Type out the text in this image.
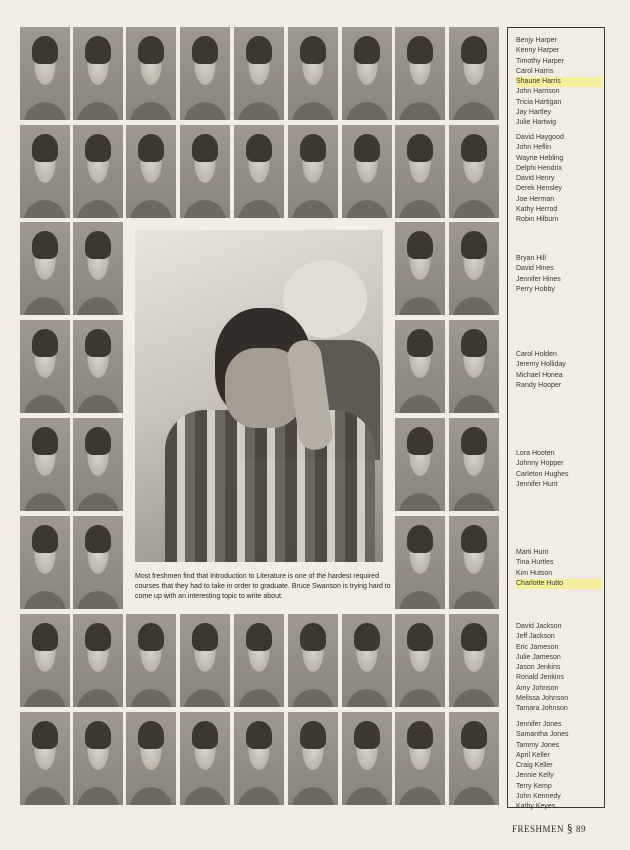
Most freshmen find that Introduction to Literature is one of the hardest required courses that they had to take in order to graduate. Bruce Swanson is trying hard to come up with an interesting topic to write about.

Benjy Harper
Kenny Harper
Timothy Harper
Carol Harris
Shaune Harris
John Harrison
Tricia Hartigan
Jay Hartley
Julie Hartwig
David Haygood
John Heflin
Wayne Hebling
Delphi Hendrix
David Henry
Derek Hensley
Joe Herman
Kathy Herrod
Robin Hilburn
Bryan Hill
David Hines
Jennifer Hines
Perry Hobby
Carol Holden
Jeremy Holliday
Michael Honea
Randy Hooper
Lora Hooten
Johnny Hopper
Carleton Hughes
Jennifer Hunt
Marti Hunt
Tina Hurtles
Kim Hutson
Charlotte Hutto
David Jackson
Jeff Jackson
Eric Jameson
Julie Jameson
Jason Jenkins
Ronald Jenkins
Amy Johnson
Melissa Johnson
Tamara Johnson
Jennifer Jones
Samantha Jones
Tammy Jones
April Keller
Craig Keller
Jennie Kelly
Terry Kemp
John Kennedy
Kathy Keyes
FRESHMEN § 89
